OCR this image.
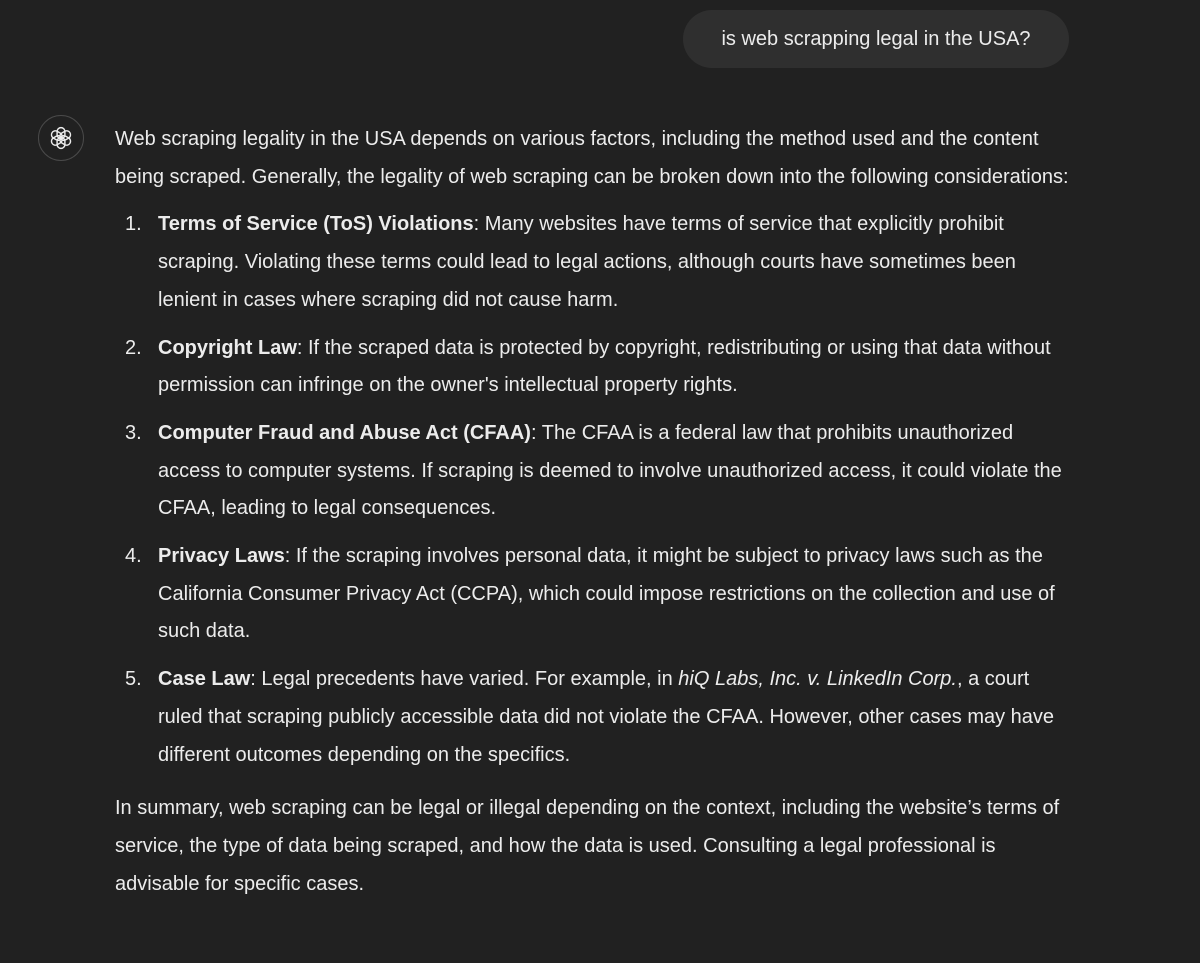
is web scrapping legal in the USA?

Web scraping legality in the USA depends on various factors, including the method used and the content being scraped. Generally, the legality of web scraping can be broken down into the following considerations:

1. Terms of Service (ToS) Violations: Many websites have terms of service that explicitly prohibit scraping. Violating these terms could lead to legal actions, although courts have sometimes been lenient in cases where scraping did not cause harm.
2. Copyright Law: If the scraped data is protected by copyright, redistributing or using that data without permission can infringe on the owner's intellectual property rights.
3. Computer Fraud and Abuse Act (CFAA): The CFAA is a federal law that prohibits unauthorized access to computer systems. If scraping is deemed to involve unauthorized access, it could violate the CFAA, leading to legal consequences.
4. Privacy Laws: If the scraping involves personal data, it might be subject to privacy laws such as the California Consumer Privacy Act (CCPA), which could impose restrictions on the collection and use of such data.
5. Case Law: Legal precedents have varied. For example, in hiQ Labs, Inc. v. LinkedIn Corp., a court ruled that scraping publicly accessible data did not violate the CFAA. However, other cases may have different outcomes depending on the specifics.

In summary, web scraping can be legal or illegal depending on the context, including the website’s terms of service, the type of data being scraped, and how the data is used. Consulting a legal professional is advisable for specific cases.
